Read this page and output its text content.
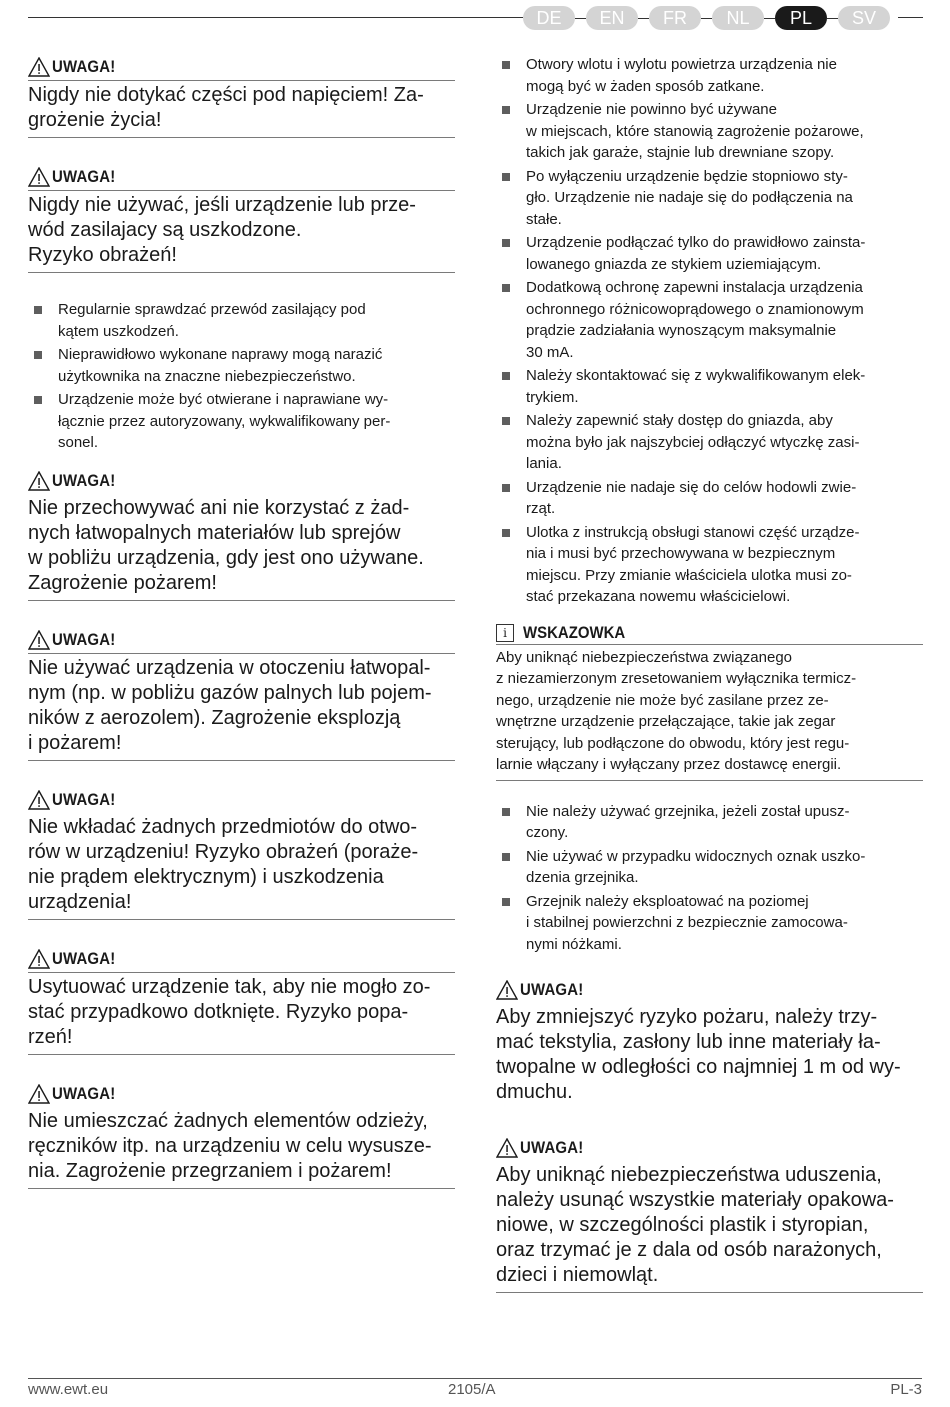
DE	EN	FR	NL	PL	SV
UWAGA!
Nigdy nie dotykać części pod napięciem! Za-
grożenie życia!
UWAGA!
Nigdy nie używać, jeśli urządzenie lub prze-
wód zasilajacy są uszkodzone.
Ryzyko obrażeń!
Regularnie sprawdzać przewód zasilający pod
kątem uszkodzeń.
Nieprawidłowo wykonane naprawy mogą narazić
użytkownika na znaczne niebezpieczeństwo.
Urządzenie może być otwierane i naprawiane wy-
łącznie przez autoryzowany, wykwalifikowany per-
sonel.
UWAGA!
Nie przechowywać ani nie korzystać z żad-
nych łatwopalnych materiałów lub sprejów
w pobliżu urządzenia, gdy jest ono używane.
Zagrożenie pożarem!
UWAGA!
Nie używać urządzenia w otoczeniu łatwopal-
nym (np. w pobliżu gazów palnych lub pojem-
ników z aerozolem). Zagrożenie eksplozją
i pożarem!
UWAGA!
Nie wkładać żadnych przedmiotów do otwo-
rów w urządzeniu! Ryzyko obrażeń (poraże-
nie prądem elektrycznym) i uszkodzenia
urządzenia!
UWAGA!
Usytuować urządzenie tak, aby nie mogło zo-
stać przypadkowo dotknięte. Ryzyko popa-
rzeń!
UWAGA!
Nie umieszczać żadnych elementów odzieży,
ręczników itp. na urządzeniu w celu wysusze-
nia. Zagrożenie przegrzaniem i pożarem!
Otwory wlotu i wylotu powietrza urządzenia nie
mogą być w żaden sposób zatkane.
Urządzenie nie powinno być używane
w miejscach, które stanowią zagrożenie pożarowe,
takich jak garaże, stajnie lub drewniane szopy.
Po wyłączeniu urządzenie będzie stopniowo sty-
gło. Urządzenie nie nadaje się do podłączenia na
stałe.
Urządzenie podłączać tylko do prawidłowo zainsta-
lowanego gniazda ze stykiem uziemiającym.
Dodatkową ochronę zapewni instalacja urządzenia
ochronnego różnicowoprądowego o znamionowym
prądzie zadziałania wynoszącym maksymalnie
30 mA.
Należy skontaktować się z wykwalifikowanym elek-
trykiem.
Należy zapewnić stały dostęp do gniazda, aby
można było jak najszybciej odłączyć wtyczkę zasi-
lania.
Urządzenie nie nadaje się do celów hodowli zwie-
rząt.
Ulotka z instrukcją obsługi stanowi część urządze-
nia i musi być przechowywana w bezpiecznym
miejscu. Przy zmianie właściciela ulotka musi zo-
stać przekazana nowemu właścicielowi.
i WSKAZOWKA
Aby uniknąć niebezpieczeństwa związanego
z niezamierzonym zresetowaniem wyłącznika termicz-
nego, urządzenie nie może być zasilane przez ze-
wnętrzne urządzenie przełączające, takie jak zegar
sterujący, lub podłączone do obwodu, który jest regu-
larnie włączany i wyłączany przez dostawcę energii.
Nie należy używać grzejnika, jeżeli został upusz-
czony.
Nie używać w przypadku widocznych oznak uszko-
dzenia grzejnika.
Grzejnik należy eksploatować na poziomej
i stabilnej powierzchni z bezpiecznie zamocowa-
nymi nóżkami.
UWAGA!
Aby zmniejszyć ryzyko pożaru, należy trzy-
mać tekstylia, zasłony lub inne materiały ła-
twopalne w odległości co najmniej 1 m od wy-
dmuchu.
UWAGA!
Aby uniknąć niebezpieczeństwa uduszenia,
należy usunąć wszystkie materiały opakowa-
niowe, w szczególności plastik i styropian,
oraz trzymać je z dala od osób narażonych,
dzieci i niemowląt.
www.ewt.eu	2105/A	PL-3
